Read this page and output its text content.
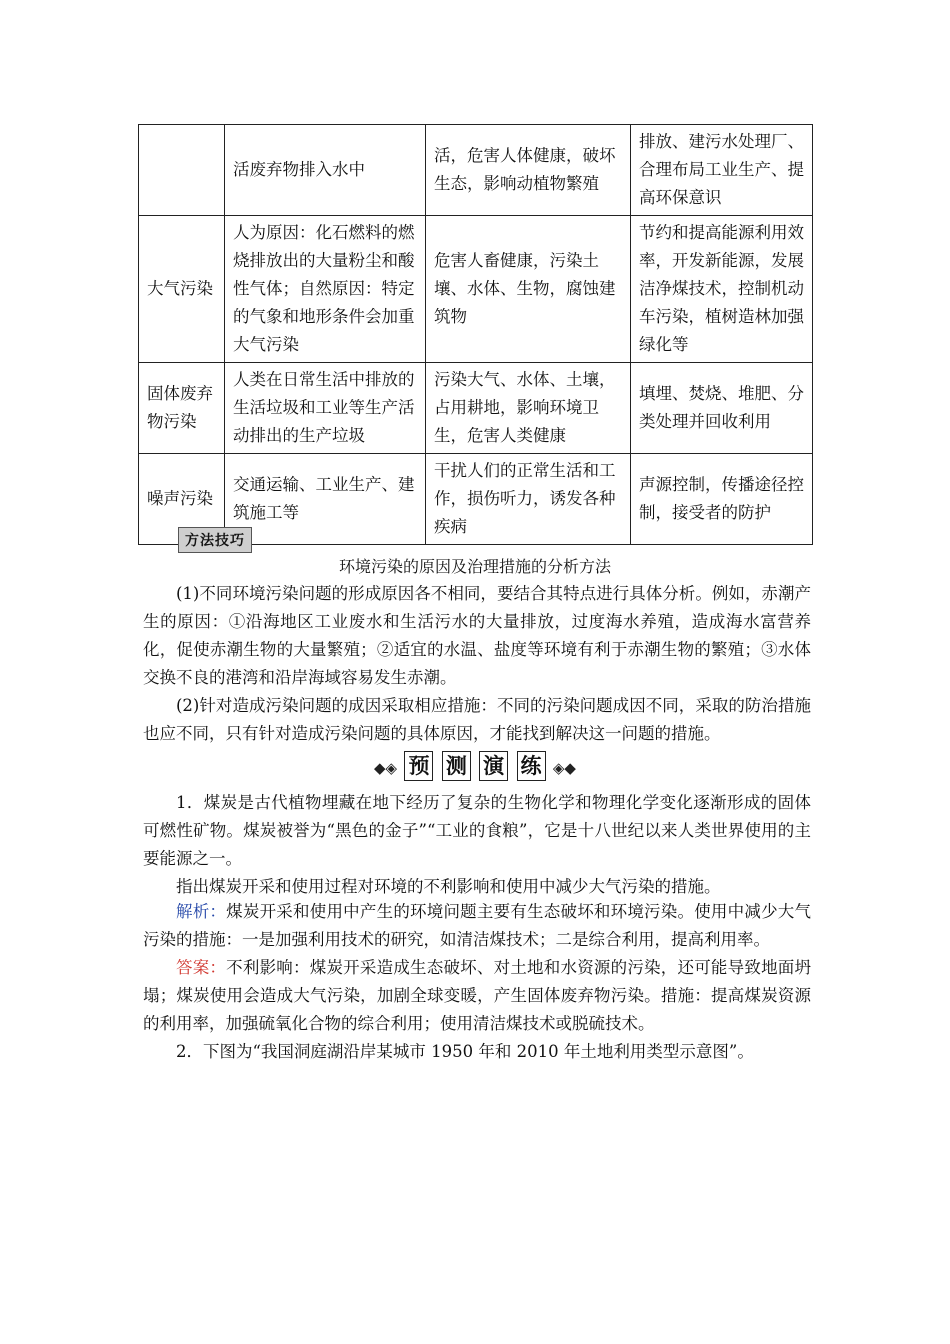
	活废弃物排入水中	活，危害人体健康，破坏生态，影响动植物繁殖	排放、建污水处理厂、合理布局工业生产、提高环保意识
大气污染	人为原因：化石燃料的燃烧排放出的大量粉尘和酸性气体；自然原因：特定的气象和地形条件会加重大气污染	危害人畜健康，污染土壤、水体、生物，腐蚀建筑物	节约和提高能源利用效率，开发新能源，发展洁净煤技术，控制机动车污染，植树造林加强绿化等
固体废弃物污染	人类在日常生活中排放的生活垃圾和工业等生产活动排出的生产垃圾	污染大气、水体、土壤，占用耕地，影响环境卫生，危害人类健康	填埋、焚烧、堆肥、分类处理并回收利用
噪声污染	交通运输、工业生产、建筑施工等	干扰人们的正常生活和工作，损伤听力，诱发各种疾病	声源控制，传播途径控制，接受者的防护
方法技巧
环境污染的原因及治理措施的分析方法

(1)不同环境污染问题的形成原因各不相同，要结合其特点进行具体分析。例如，赤潮产生的原因：①沿海地区工业废水和生活污水的大量排放，过度海水养殖，造成海水富营养化，促使赤潮生物的大量繁殖；②适宜的水温、盐度等环境有利于赤潮生物的繁殖；③水体交换不良的港湾和沿岸海域容易发生赤潮。

(2)针对造成污染问题的成因采取相应措施：不同的污染问题成因不同，采取的防治措施也应不同，只有针对造成污染问题的具体原因，才能找到解决这一问题的措施。

◆◈ 预 测 演 练 ◈◆

1．煤炭是古代植物埋藏在地下经历了复杂的生物化学和物理化学变化逐渐形成的固体可燃性矿物。煤炭被誉为“黑色的金子”“工业的食粮”，它是十八世纪以来人类世界使用的主要能源之一。

指出煤炭开采和使用过程对环境的不利影响和使用中减少大气污染的措施。

解析：煤炭开采和使用中产生的环境问题主要有生态破坏和环境污染。使用中减少大气污染的措施：一是加强利用技术的研究，如清洁煤技术；二是综合利用，提高利用率。

答案：不利影响：煤炭开采造成生态破坏、对土地和水资源的污染，还可能导致地面坍塌；煤炭使用会造成大气污染，加剧全球变暖，产生固体废弃物污染。措施：提高煤炭资源的利用率，加强硫氧化合物的综合利用；使用清洁煤技术或脱硫技术。

2．下图为“我国洞庭湖沿岸某城市 1950 年和 2010 年土地利用类型示意图”。
